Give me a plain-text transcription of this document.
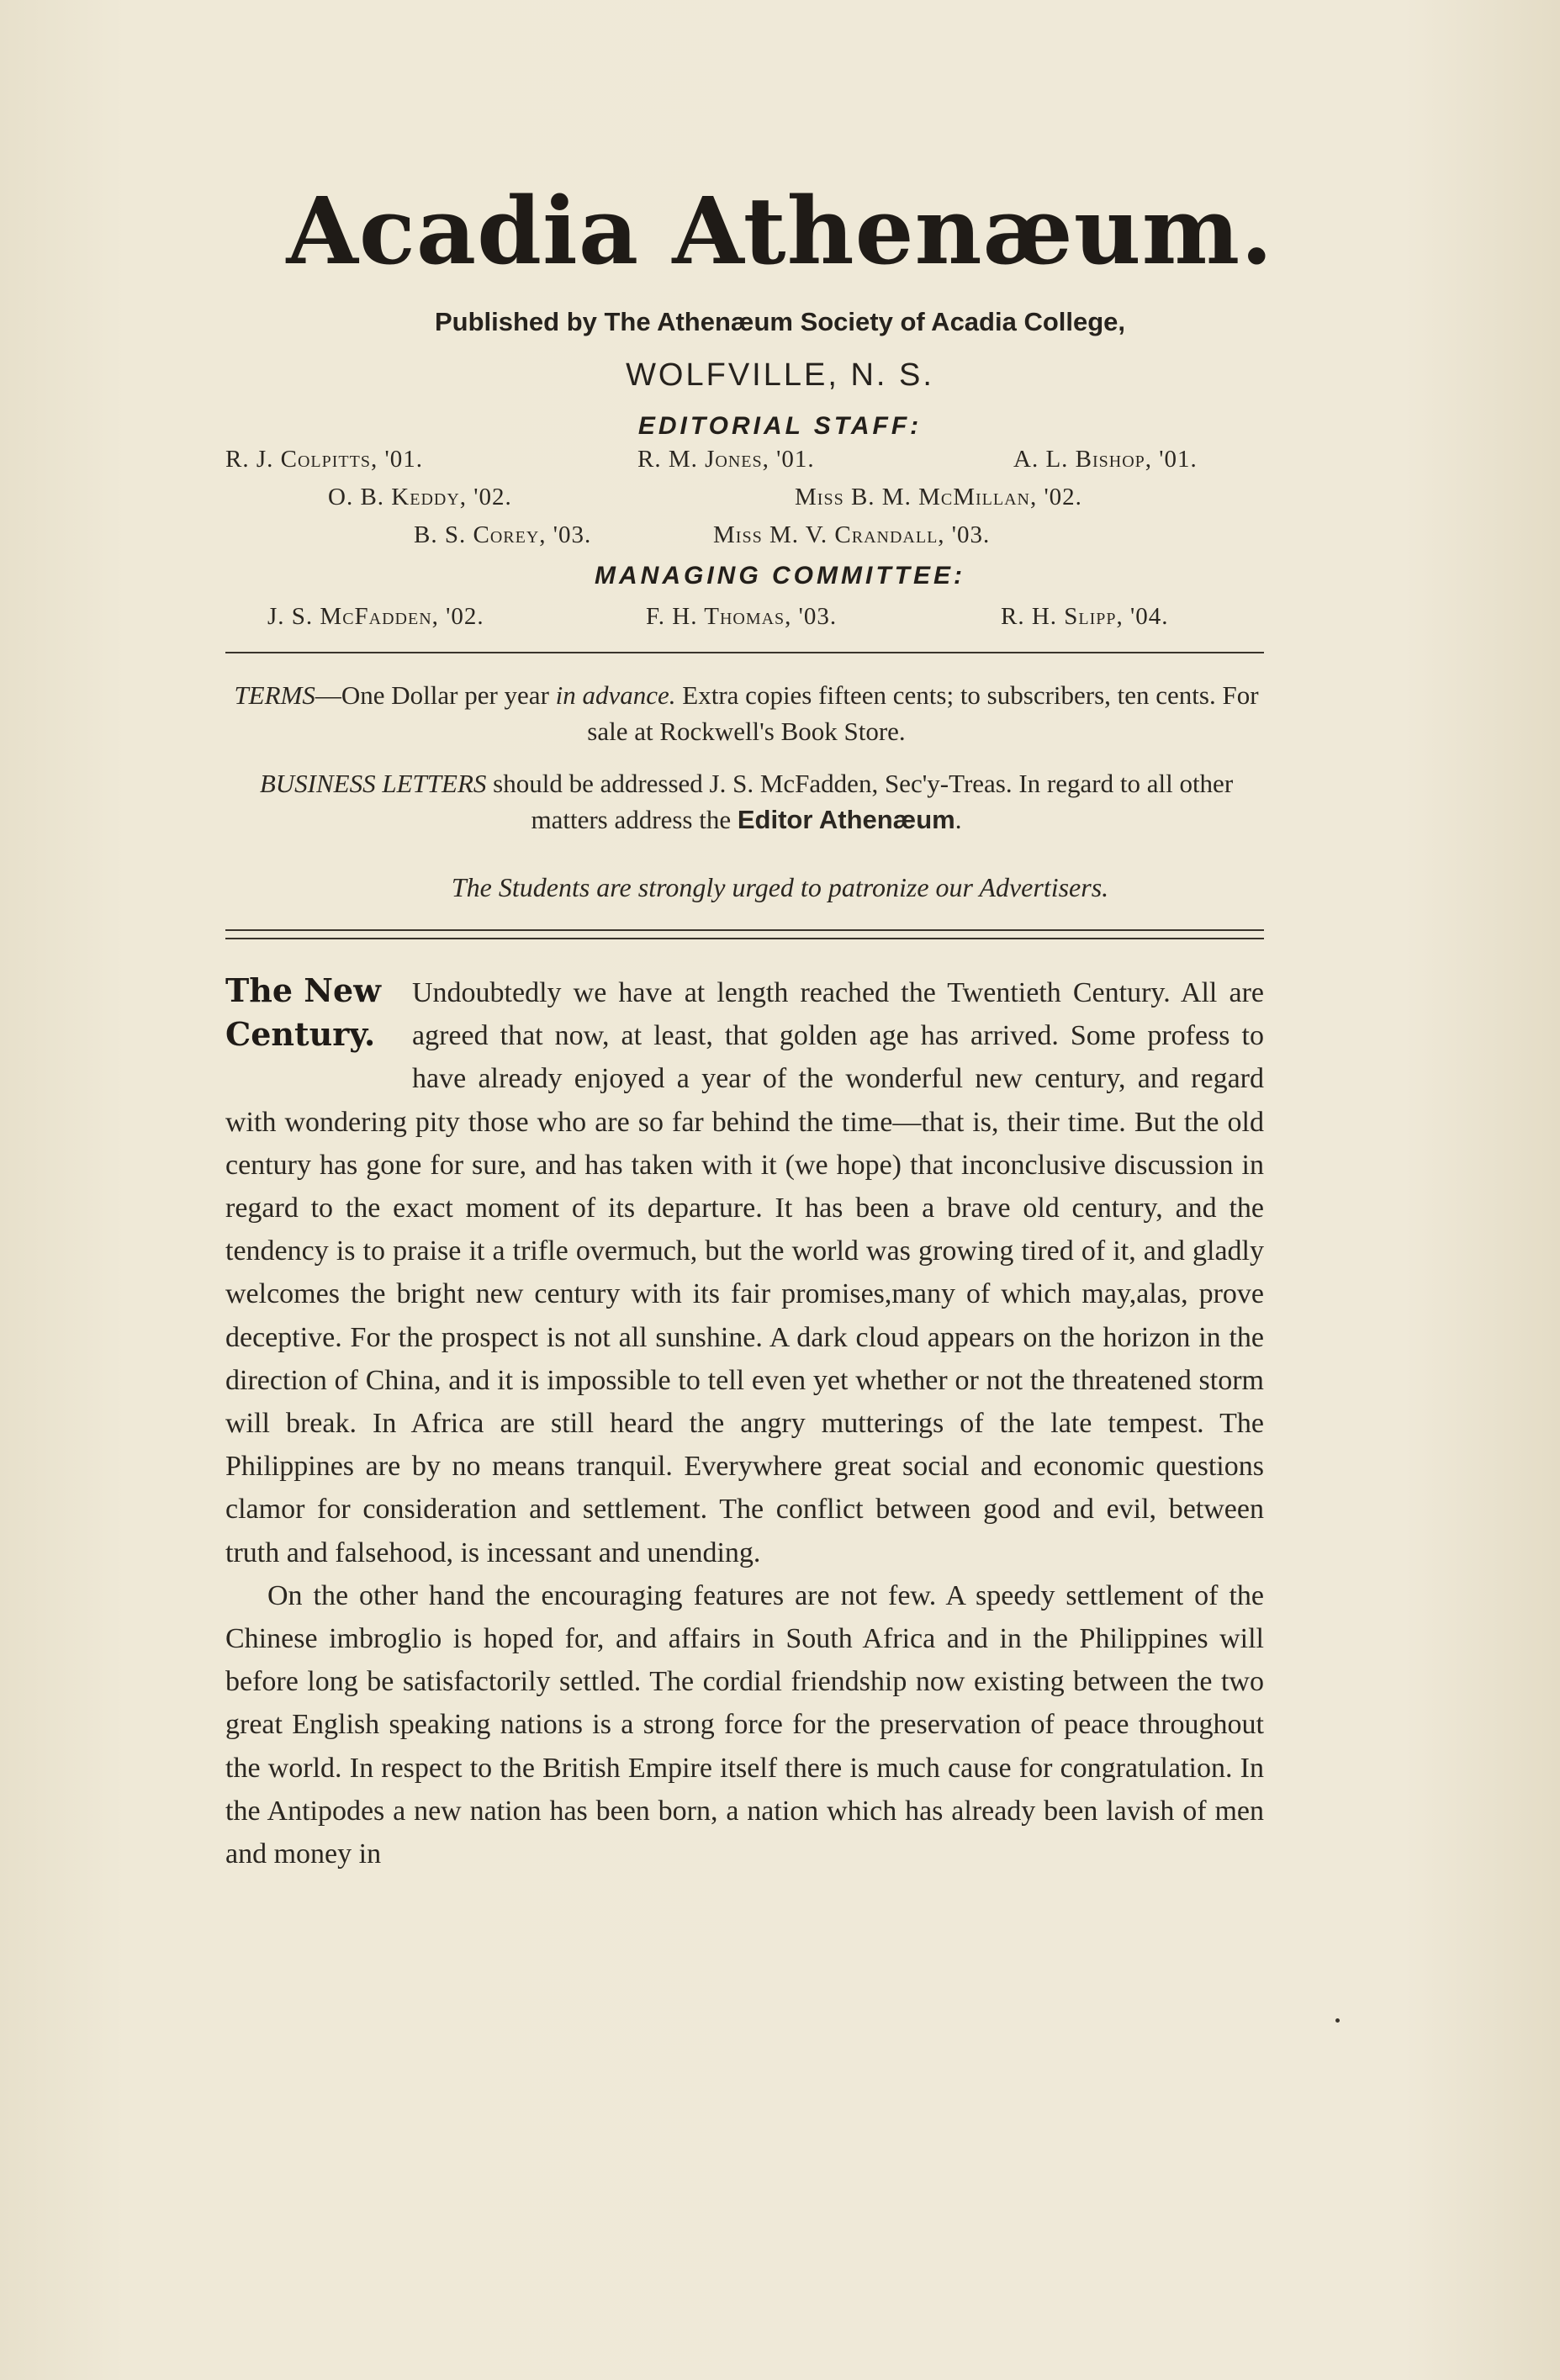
Acadia Athenæum.
Published by The Athenæum Society of Acadia College,
WOLFVILLE, N. S.
EDITORIAL STAFF:
R. J. Colpitts, '01.	R. M. Jones, '01.	A. L. Bishop, '01.
O. B. Keddy, '02.	Miss B. M. McMillan, '02.
B. S. Corey, '03.	Miss M. V. Crandall, '03.
MANAGING COMMITTEE:
J. S. McFadden, '02.	F. H. Thomas, '03.	R. H. Slipp, '04.
TERMS—One Dollar per year in advance. Extra copies fifteen cents; to subscribers, ten cents. For sale at Rockwell's Book Store.
BUSINESS LETTERS should be addressed J. S. McFadden, Sec'y-Treas. In regard to all other matters address the Editor Athenæum.
The Students are strongly urged to patronize our Advertisers.
The New Century.

Undoubtedly we have at length reached the Twentieth Century. All are agreed that now, at least, that golden age has arrived. Some profess to have already enjoyed a year of the wonderful new century, and regard with wondering pity those who are so far behind the time—that is, their time. But the old century has gone for sure, and has taken with it (we hope) that inconclusive discussion in regard to the exact moment of its departure. It has been a brave old century, and the tendency is to praise it a trifle overmuch, but the world was growing tired of it, and gladly welcomes the bright new century with its fair promises,many of which may,alas, prove deceptive. For the prospect is not all sunshine. A dark cloud appears on the horizon in the direction of China, and it is impossible to tell even yet whether or not the threatened storm will break. In Africa are still heard the angry mutterings of the late tempest. The Philippines are by no means tranquil. Everywhere great social and economic questions clamor for consideration and settlement. The conflict between good and evil, between truth and falsehood, is incessant and unending.

On the other hand the encouraging features are not few. A speedy settlement of the Chinese imbroglio is hoped for, and affairs in South Africa and in the Philippines will before long be satisfactorily settled. The cordial friendship now existing between the two great English speaking nations is a strong force for the preservation of peace throughout the world. In respect to the British Empire itself there is much cause for congratulation. In the Antipodes a new nation has been born, a nation which has already been lavish of men and money in
